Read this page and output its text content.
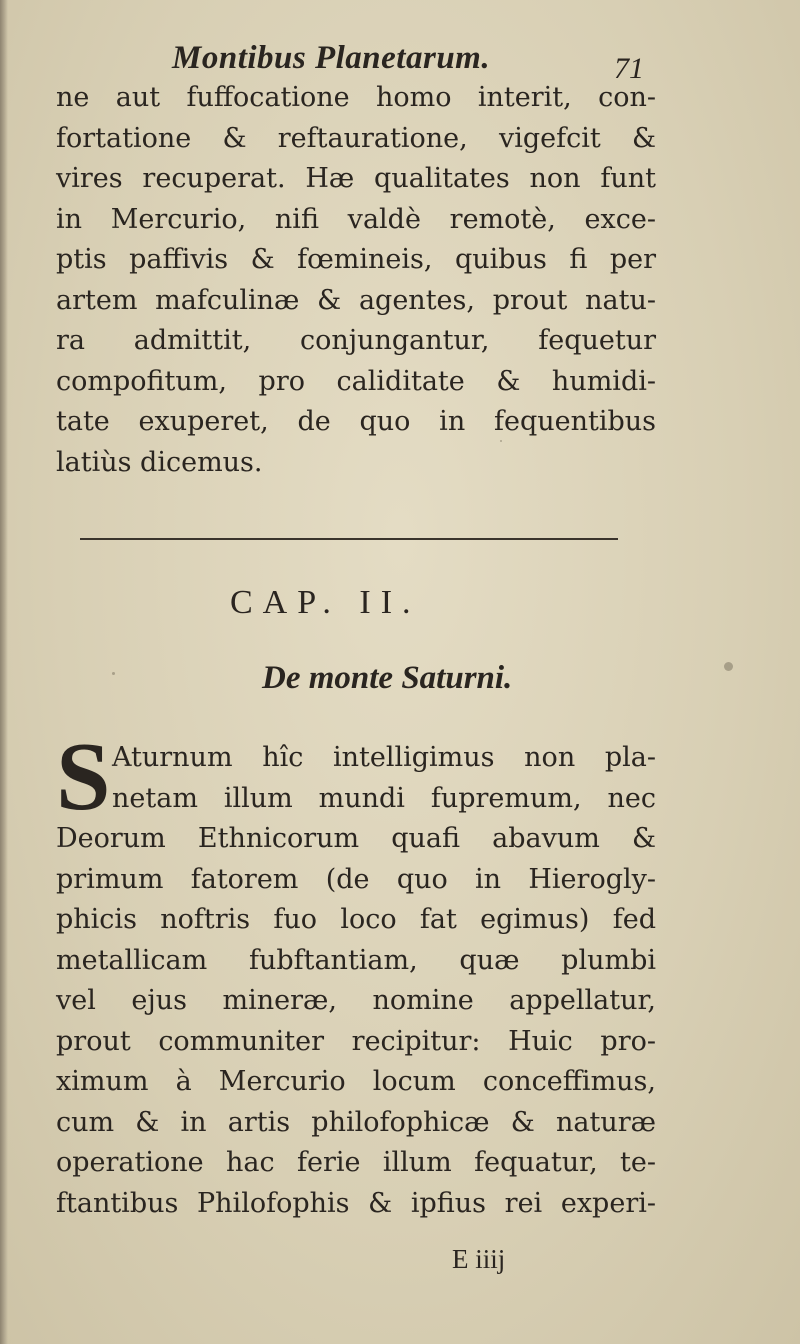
Montibus Planetarum.	71
ne aut fuffocatione homo interit, con-
fortatione & reftauratione, vigefcit &
vires recuperat. Hæ qualitates non funt
in Mercurio, nifi valdè remotè, exce-
ptis paffivis & fœmineis, quibus fi per
artem mafculinæ & agentes, prout natu-
ra admittit, conjungantur, fequetur
compofitum, pro caliditate & humidi-
tate exuperet, de quo in fequentibus
latiùs dicemus.
CAP. II.
De monte Saturni.
S Aturnum hîc intelligimus non pla-
netam illum mundi fupremum, nec
Deorum Ethnicorum quafi abavum &
primum fatorem (de quo in Hierogly-
phicis noftris fuo loco fat egimus) fed
metallicam fubftantiam, quæ plumbi
vel ejus mineræ, nomine appellatur,
prout communiter recipitur: Huic pro-
ximum à Mercurio locum conceffimus,
cum & in artis philofophicæ & naturæ
operatione hac ferie illum fequatur, te-
ftantibus Philofophis & ipfius rei experi-
E iiij
